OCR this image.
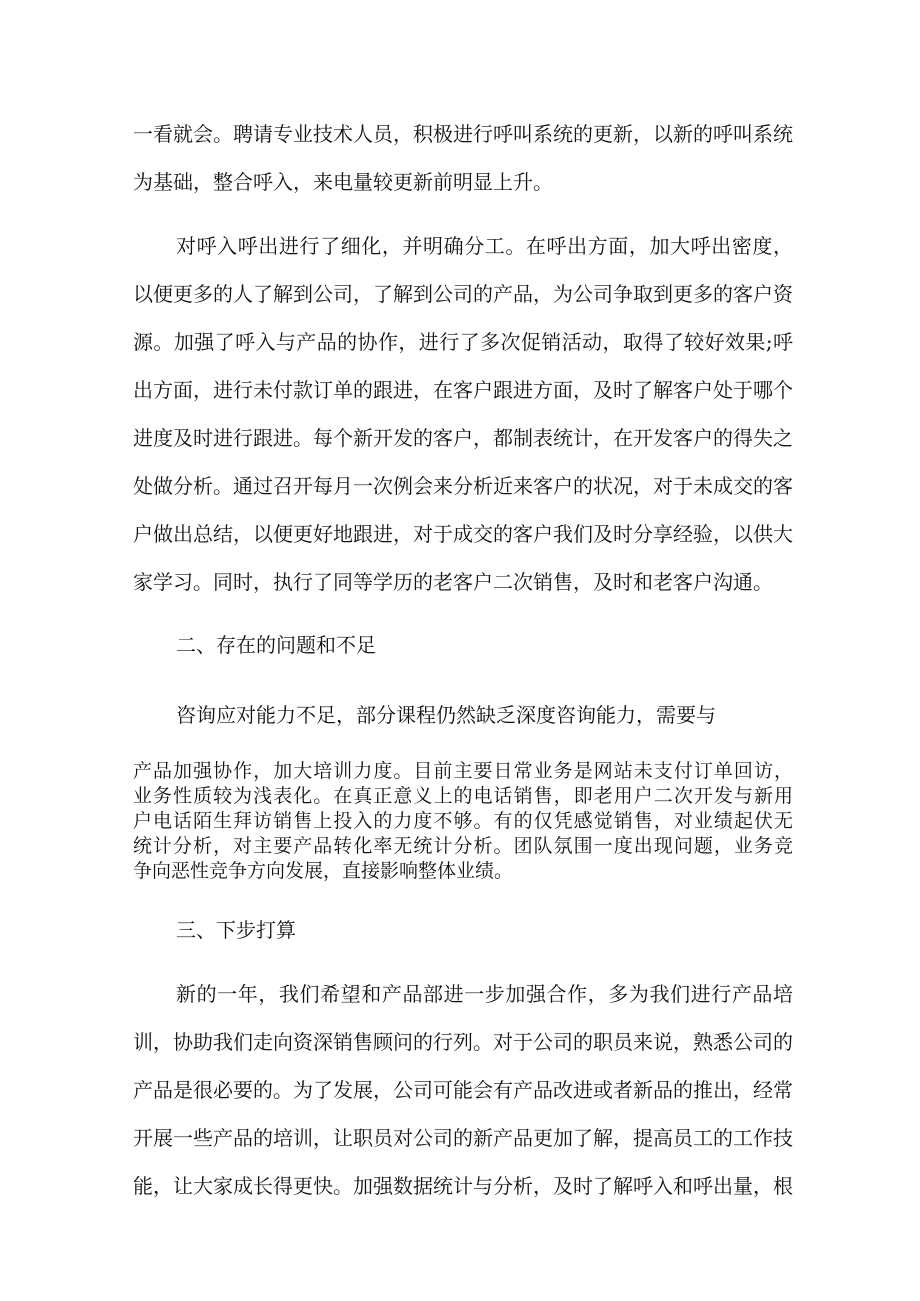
一看就会。聘请专业技术人员，积极进行呼叫系统的更新，以新的呼叫系统
为基础，整合呼入，来电量较更新前明显上升。
对呼入呼出进行了细化，并明确分工。在呼出方面，加大呼出密度，
以便更多的人了解到公司，了解到公司的产品，为公司争取到更多的客户资
源。加强了呼入与产品的协作，进行了多次促销活动，取得了较好效果;呼
出方面，进行未付款订单的跟进，在客户跟进方面，及时了解客户处于哪个
进度及时进行跟进。每个新开发的客户，都制表统计，在开发客户的得失之
处做分析。通过召开每月一次例会来分析近来客户的状况，对于未成交的客
户做出总结，以便更好地跟进，对于成交的客户我们及时分享经验，以供大
家学习。同时，执行了同等学历的老客户二次销售，及时和老客户沟通。
二、存在的问题和不足
咨询应对能力不足，部分课程仍然缺乏深度咨询能力，需要与
产品加强协作，加大培训力度。目前主要日常业务是网站未支付订单回访，
业务性质较为浅表化。在真正意义上的电话销售，即老用户二次开发与新用
户电话陌生拜访销售上投入的力度不够。有的仅凭感觉销售，对业绩起伏无
统计分析，对主要产品转化率无统计分析。团队氛围一度出现问题，业务竞
争向恶性竞争方向发展，直接影响整体业绩。
三、下步打算
新的一年，我们希望和产品部进一步加强合作，多为我们进行产品培
训，协助我们走向资深销售顾问的行列。对于公司的职员来说，熟悉公司的
产品是很必要的。为了发展，公司可能会有产品改进或者新品的推出，经常
开展一些产品的培训，让职员对公司的新产品更加了解，提高员工的工作技
能，让大家成长得更快。加强数据统计与分析，及时了解呼入和呼出量，根
